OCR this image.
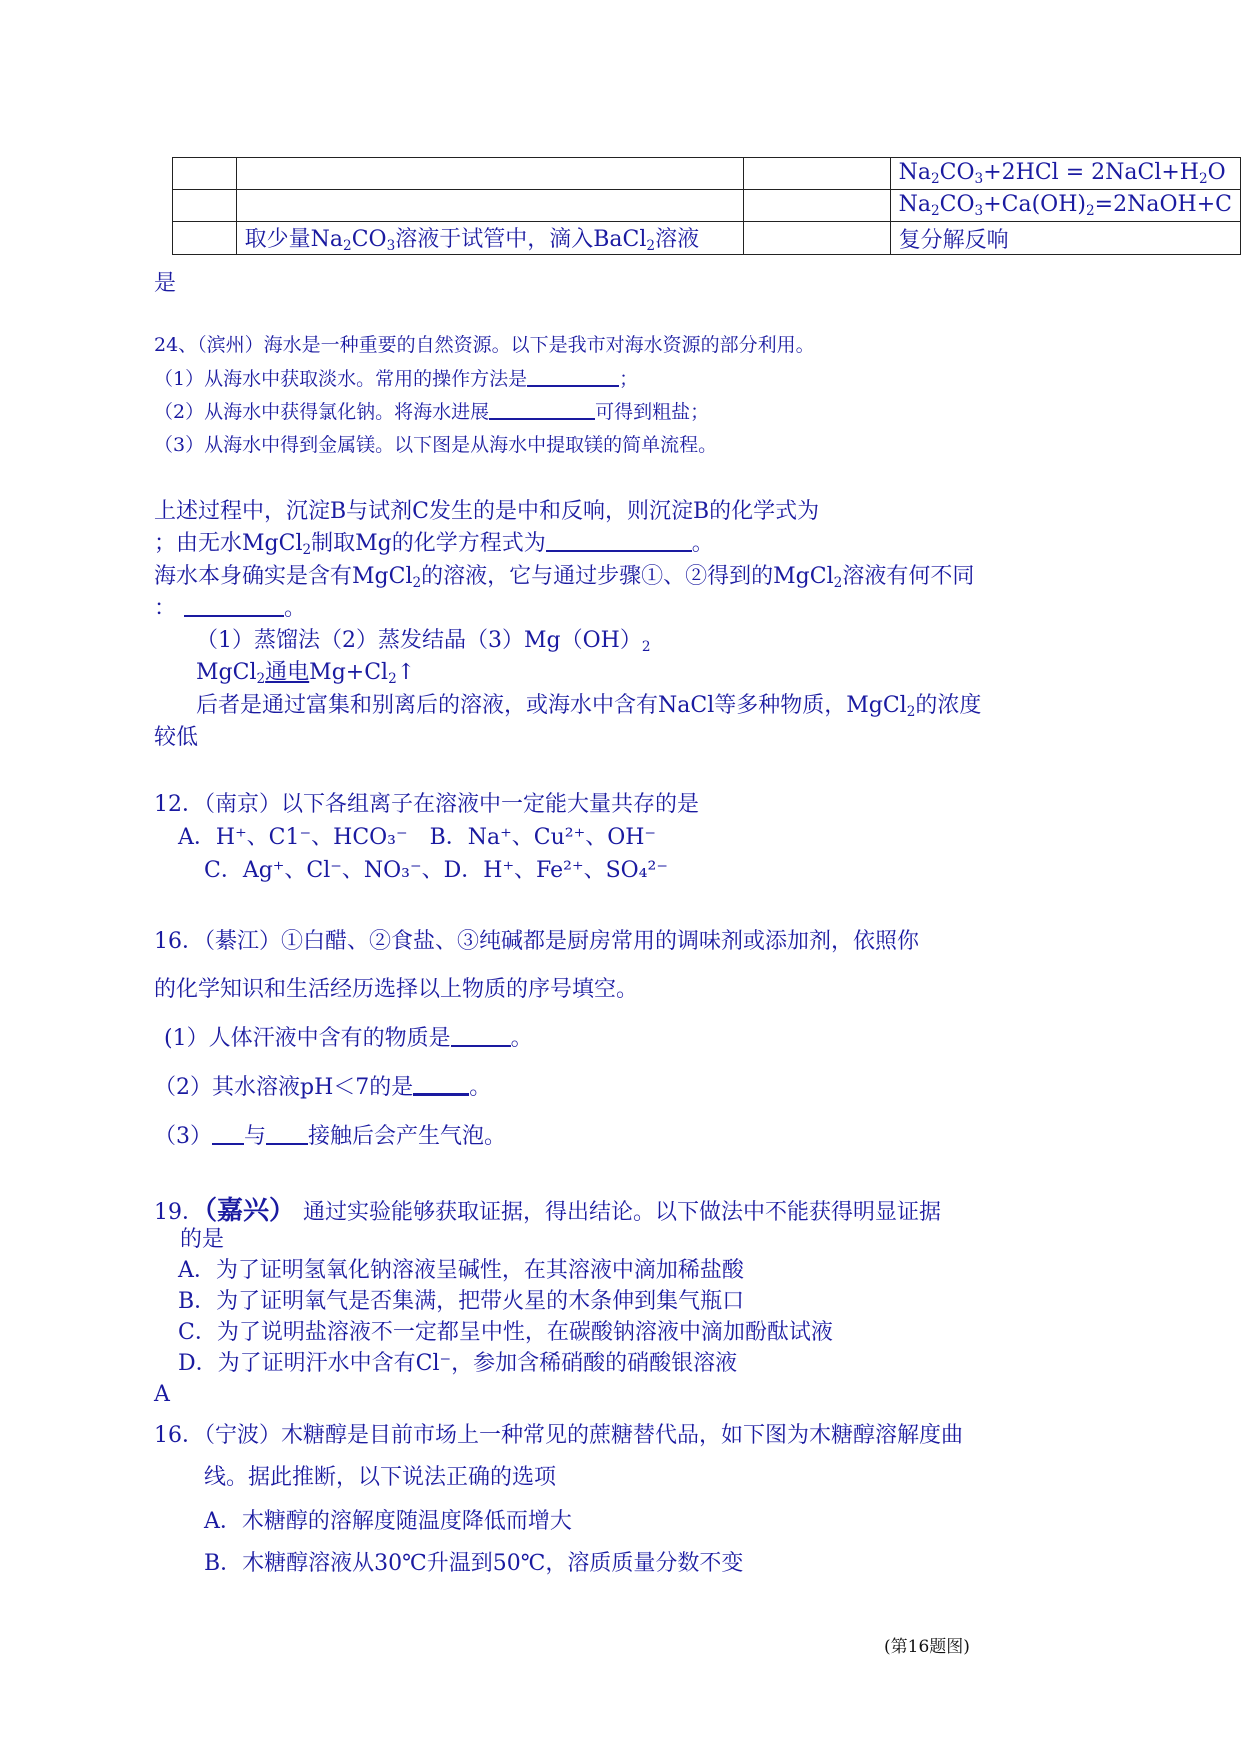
			$Na_2CO_3+2HCl$ = $2NaCl+H_2O$
			$Na_2CO_3+Ca(OH)_2=2NaOH+C$
	取少量$Na_2CO_3$溶液于试管中，滴入BaCl$_2$溶液		复分解反响
是
24、（滨州）海水是一种重要的自然资源。以下是我市对海水资源的部分利用。
（1）从海水中获取淡水。常用的操作方法是	；
（2）从海水中获得氯化钠。将海水进展	可得到粗盐；
（3）从海水中得到金属镁。以下图是从海水中提取镁的简单流程。
上述过程中，沉淀B与试剂C发生的是中和反响，则沉淀B的化学式为
；由无水MgCl$_2$制取Mg的化学方程式为	。
海水本身确实是含有MgCl$_2$的溶液，它与通过步骤①、②得到的MgCl$_2$溶液有何不同
：	。
（1）蒸馏法（2）蒸发结晶$(3)Mg(OH)_2$
MgCl$_2$通电$Mg+Cl_2↑$
后者是通过富集和别离后的溶液，或海水中含有NaCl等多种物质，MgCl$_2$的浓度
较低
12．（南京）以下各组离子在溶液中一定能大量共存的是
A．H⁺、C1⁻、HCO₃⁻ B．Na⁺、Cu²⁺、OH⁻
C．Ag⁺、Cl⁻、NO₃⁻、D．H⁺、Fe²⁺、SO₄²⁻
16．（綦江）①白醋、②食盐、③纯碱都是厨房常用的调味剂或添加剂，依照你
的化学知识和生活经历选择以上物质的序号填空。
(1）人体汗液中含有的物质是	。
（2）其水溶液pH＜7的是	。
（3） 与 接触后会产生气泡。
19．（嘉兴） 通过实验能够获取证据，得出结论。以下做法中不能获得明显证据
的是
A．为了证明氢氧化钠溶液呈碱性，在其溶液中滴加稀盐酸
B．为了证明氧气是否集满，把带火星的木条伸到集气瓶口
C．为了说明盐溶液不一定都呈中性，在碳酸钠溶液中滴加酚酞试液
D．为了证明汗水中含有Cl⁻，参加含稀硝酸的硝酸银溶液
A
16．（宁波）木糖醇是目前市场上一种常见的蔗糖替代品，如下图为木糖醇溶解度曲
线。据此推断，以下说法正确的选项
A．木糖醇的溶解度随温度降低而增大
B．木糖醇溶液从30℃升温到50℃，溶质质量分数不变
(第16题图)
